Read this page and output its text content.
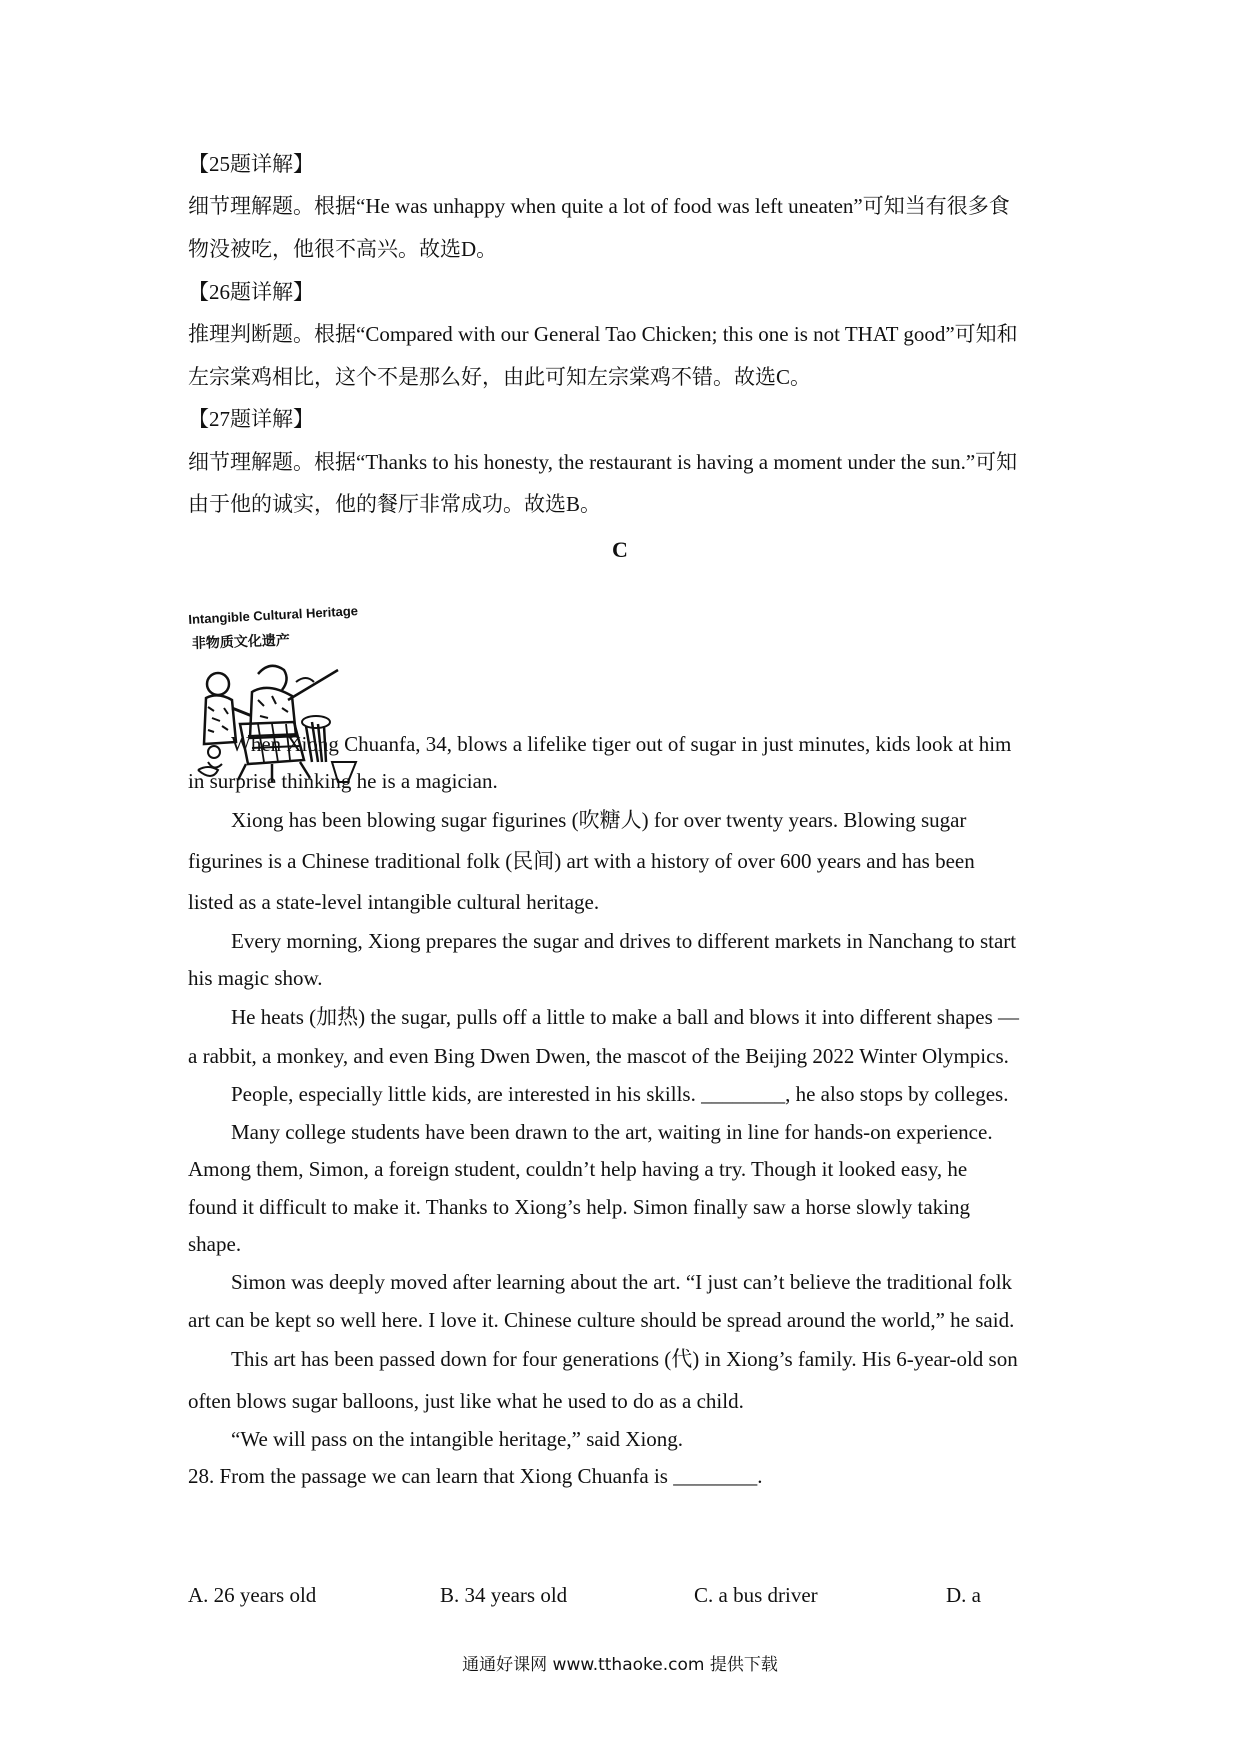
【25题详解】
细节理解题。根据“He was unhappy when quite a lot of food was left uneaten”可知当有很多食
物没被吃，他很不高兴。故选D。
【26题详解】
推理判断题。根据“Compared with our General Tao Chicken; this one is not THAT good”可知和
左宗棠鸡相比，这个不是那么好，由此可知左宗棠鸡不错。故选C。
【27题详解】
细节理解题。根据“Thanks to his honesty, the restaurant is having a moment under the sun.”可知
由于他的诚实，他的餐厅非常成功。故选B。
C
Intangible Cultural Heritage
非物质文化遗产
When Xiong Chuanfa, 34, blows a lifelike tiger out of sugar in just minutes, kids look at him
in surprise thinking he is a magician.
Xiong has been blowing sugar figurines (吹糖人) for over twenty years. Blowing sugar
figurines is a Chinese traditional folk (民间) art with a history of over 600 years and has been
listed as a state-level intangible cultural heritage.
Every morning, Xiong prepares the sugar and drives to different markets in Nanchang to start
his magic show.
He heats (加热) the sugar, pulls off a little to make a ball and blows it into different shapes —
a rabbit, a monkey, and even Bing Dwen Dwen, the mascot of the Beijing 2022 Winter Olympics.
People, especially little kids, are interested in his skills. ________, he also stops by colleges.
Many college students have been drawn to the art, waiting in line for hands-on experience.
Among them, Simon, a foreign student, couldn’t help having a try. Though it looked easy, he
found it difficult to make it. Thanks to Xiong’s help. Simon finally saw a horse slowly taking
shape.
Simon was deeply moved after learning about the art. “I just can’t believe the traditional folk
art can be kept so well here. I love it. Chinese culture should be spread around the world,” he said.
This art has been passed down for four generations (代) in Xiong’s family. His 6-year-old son
often blows sugar balloons, just like what he used to do as a child.
“We will pass on the intangible heritage,” said Xiong.
28. From the passage we can learn that Xiong Chuanfa is ________.
A. 26 years old	B. 34 years old	C. a bus driver	D. a
通通好课网 www.tthaoke.com 提供下载
